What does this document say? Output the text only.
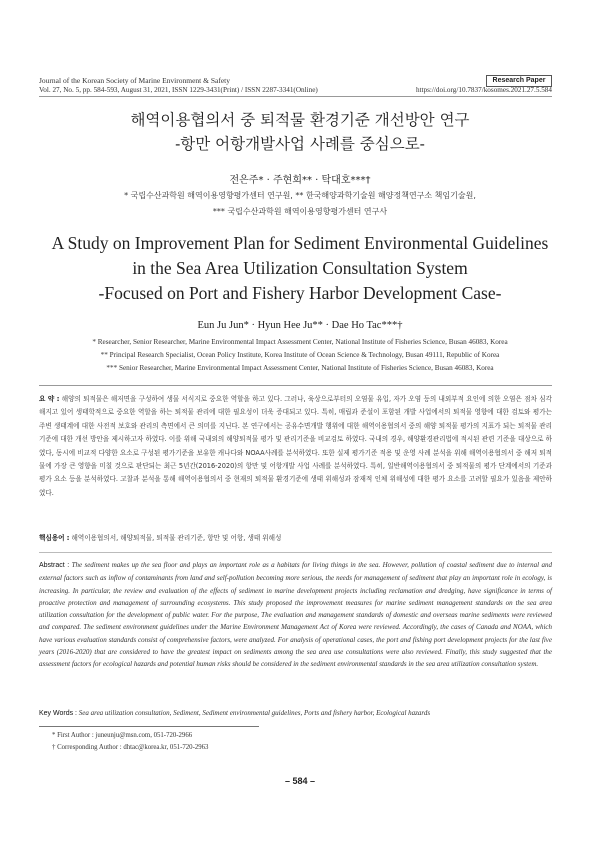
Journal of the Korean Society of Marine Environment & Safety	Research Paper
Vol. 27, No. 5, pp. 584-593, August 31, 2021, ISSN 1229-3431(Print) / ISSN 2287-3341(Online)	https://doi.org/10.7837/kosomes.2021.27.5.584
해역이용협의서 중 퇴적물 환경기준 개선방안 연구
-항만 어항개발사업 사례를 중심으로-
전은주* · 주현희** · 탁대호***†
* 국립수산과학원 해역이용영향평가센터 연구원, ** 한국해양과학기술원 해양정책연구소 책임기술원,
*** 국립수산과학원 해역이용영향평가센터 연구사
A Study on Improvement Plan for Sediment Environmental Guidelines
in the Sea Area Utilization Consultation System
-Focused on Port and Fishery Harbor Development Case-
Eun Ju Jun* · Hyun Hee Ju** · Dae Ho Tac***†
* Researcher, Senior Researcher, Marine Environmental Impact Assessment Center, National Institute of Fisheries Science, Busan 46083, Korea
** Principal Research Specialist, Ocean Policy Institute, Korea Institute of Ocean Science & Technology, Busan 49111, Republic of Korea
*** Senior Researcher, Marine Environmental Impact Assessment Center, National Institute of Fisheries Science, Busan 46083, Korea
요 약 : 해양의 퇴적물은 해저면을 구성하여 생물 서식지로 중요한 역할을 하고 있다. 그러나, 육상으로부터의 오염물 유입, 자가 오염 등의 내외부적 요인에 의한 오염은 점차 심각해지고 있어 생태학적으로 중요한 역할을 하는 퇴적물 관리에 대한 필요성이 더욱 증대되고 있다. 특히, 매립과 준설이 포함된 개발 사업에서의 퇴적물 영향에 대한 검토와 평가는 주변 생태계에 대한 사전적 보호와 관리의 측면에서 큰 의미를 지닌다. 본 연구에서는 공유수면개발 행위에 대한 해역이용협의서 중의 해양 퇴적물 평가의 지표가 되는 퇴적물 관리 기준에 대한 개선 방안을 제시하고자 하였다. 이를 위해 국내외의 해양퇴적물 평가 및 관리기준을 비교검토 하였다. 국내의 경우, 해양환경관리법에 적시된 관련 기준을 대상으로 하였다, 동시에 비교적 다양한 요소로 구성된 평가기준을 보유한 캐나다와 NOAA사례를 분석하였다. 또한 실제 평가기준 적용 및 운영 사례 분석을 위해 해역이용협의서 중 해저 퇴적물에 가장 큰 영향을 미칠 것으로 판단되는 최근 5년간(2016-2020)의 항만 및 어항개발 사업 사례를 분석하였다. 특히, 일반해역이용협의서 중 퇴적물의 평가 단계에서의 기준과 평가 요소 등을 분석하였다. 고찰과 분석을 통해 해역이용협의서 중 현재의 퇴적물 환경기준에 생태 위해성과 잠재적 인체 위해성에 대한 평가 요소를 고려할 필요가 있음을 제안하였다.
핵심용어 : 해역이용협의서, 해양퇴적물, 퇴적물 관리기준, 항만 및 어항, 생태 위해성
Abstract : The sediment makes up the sea floor and plays an important role as a habitats for living things in the sea. However, pollution of coastal sediment due to internal and external factors such as inflow of contaminants from land and self-pollution becoming more serious, the needs for management of sediment that play an important role in ecology, is increasing. In particular, the review and evaluation of the effects of sediment in marine development projects including reclamation and dredging, have significance in terms of proactive protection and management of surrounding ecosystems. This study proposed the improvement measures for marine sediment management standards on the sea area utilization consultation for the development of public water. For the purpose, The evaluation and management standards of domestic and overseas marine sediments were reviewed and compared. The sediment environment guidelines under the Marine Environment Management Act of Korea were reviewed. Accordingly, the cases of Canada and NOAA, which have various evaluation standards consist of comprehensive factors, were analyzed. For analysis of operational cases, the port and fishing port development projects for the last five years (2016-2020) that are considered to have the greatest impact on sediments among the sea area use consultations were also reviewed. Finally, this study suggested that the assessment factors for ecological hazards and potential human risks should be considered in the sediment environmental standards in the sea area utilization consultation system.
Key Words : Sea area utilization consultation, Sediment, Sediment environmental guidelines, Ports and fishery harbor, Ecological hazards
* First Author : juneunju@msn.com, 051-720-2966
† Corresponding Author : dhtac@korea.kr, 051-720-2963
– 584 –
